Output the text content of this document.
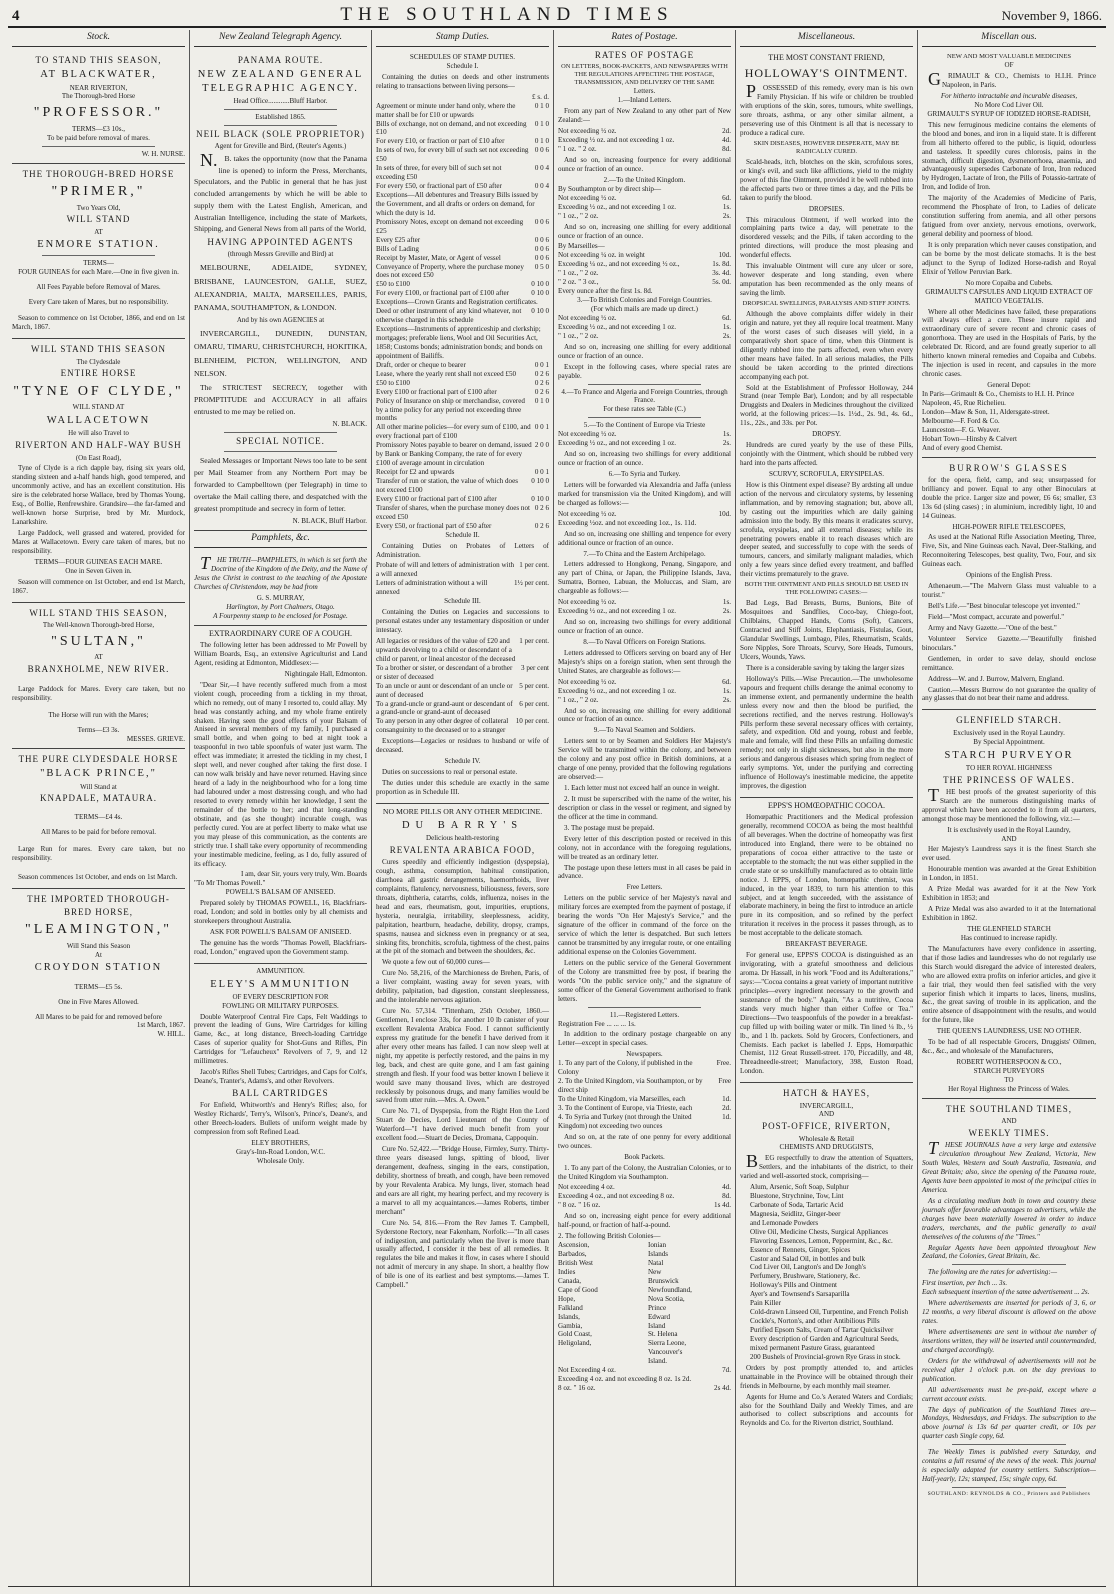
4	THE SOUTHLAND TIMES	November 9, 1866.
Stock.
TO STAND THIS SEASON,
AT BLACKWATER,
NEAR RIVERTON,
The Thorough-bred Horse
"PROFESSOR."
TERMS—£3 10s.,
To be paid before removal of mares.
W. H. NURSE.
THE THOROUGH-BRED HORSE
"PRIMER,"
Two Years Old,
WILL STAND
AT
ENMORE STATION.
TERMS—
FOUR GUINEAS for each Mare.—One in five given in.
All Fees Payable before Removal of Mares.
Every Care taken of Mares, but no responsibility.
Season to commence on 1st October, 1866, and end on 1st March, 1867.
WILL STAND THIS SEASON
The Clydesdale
ENTIRE HORSE
"TYNE OF CLYDE,"
WILL STAND AT
WALLACETOWN
He will also Travel to
RIVERTON AND HALF-WAY BUSH
(On East Road),
Tyne of Clyde is a rich dapple bay, rising six years old, standing sixteen and a-half hands high, good tempered, and uncommonly active, and has an excellent constitution. His sire is the celebrated horse Wallace, bred by Thomas Young, Esq., of Bollie, Renfrewshire. Grandsire—the far-famed and well-known horse Surprise, bred by Mr. Murdock, Lanarkshire.
Large Paddock, well grassed and watered, provided for Mares at Wallacetown. Every care taken of mares, but no responsibility.
TERMS—FOUR GUINEAS EACH MARE.
One in Seven Given in.
Season will commence on 1st October, and end 1st March, 1867.
WILL STAND THIS SEASON,
The Well-known Thorough-bred Horse,
"SULTAN,"
AT
BRANXHOLME, NEW RIVER.
Large Paddock for Mares. Every care taken, but no responsibility.
The Horse will run with the Mares;
Terms—£3 3s.
MESSES. GRIEVE.
THE PURE CLYDESDALE HORSE
"BLACK PRINCE,"
Will Stand at
KNAPDALE, MATAURA.
TERMS—£4 4s.
All Mares to be paid for before removal.
Large Run for mares. Every care taken, but no responsibility.
Season commences 1st October, and ends on 1st March.
THE IMPORTED THOROUGH-
BRED HORSE,
"LEAMINGTON,"
Will Stand this Season
At
CROYDON STATION
TERMS—£5 5s.
One in Five Mares Allowed.
All Mares to be paid for and removed before
1st March, 1867.
W. HILL.
New Zealand Telegraph Agency.
PANAMA ROUTE.
NEW ZEALAND GENERAL TELEGRAPHIC AGENCY.
Head Office............Bluff Harbor.
Established 1865.
NEIL BLACK (SOLE PROPRIETOR)
Agent for Greville and Bird, (Reuter's Agents.)
N.B. takes the opportunity (now that the Panama line is opened) to inform the Press, Merchants, Speculators, and the Public in general that he has just concluded arrangements by which he will be able to supply them with the Latest English, American, and Australian Intelligence, including the state of Markets, Shipping, and General News from all parts of the World,
HAVING APPOINTED AGENTS
(through Messrs Greville and Bird) at
MELBOURNE, ADELAIDE, SYDNEY, BRISBANE, LAUNCESTON, GALLE, SUEZ, ALEXANDRIA, MALTA, MARSEILLES, PARIS, PANAMA, SOUTHAMPTON, & LONDON.
And by his own AGENCIES at
INVERCARGILL, DUNEDIN, DUNSTAN, OMARU, TIMARU, CHRISTCHURCH, HOKITIKA, BLENHEIM, PICTON, WELLINGTON, AND NELSON.
The STRICTEST SECRECY, together with PROMPTITUDE and ACCURACY in all affairs entrusted to me may be relied on.
N. BLACK.
SPECIAL NOTICE.
Sealed Messages or Important News too late to be sent per Mail Steamer from any Northern Port may be forwarded to Campbelltown (per Telegraph) in time to overtake the Mail calling there, and despatched with the greatest promptitude and secrecy in form of letter.
N. BLACK, Bluff Harbor.
Pamphlets, &c.
THE TRUTH—PAMPHLETS, in which is set forth the Doctrine of the Kingdom of the Deity, and the Name of Jesus the Christ in contrast to the teaching of the Apostate Churches of Christendom, may be had from
G. S. MURRAY,
Harlington, by Port Chalmers, Otago.
A Fourpenny stamp to be enclosed for Postage.
EXTRAORDINARY CURE OF A COUGH.
The following letter has been addressed to Mr Powell by William Boards, Esq., an extensive Agriculturist and Land Agent, residing at Edmonton, Middlesex:—
Nightingale Hall, Edmonton.
"Dear Sir,—I have recently suffered much from a most violent cough, proceeding from a tickling in my throat, which no remedy, out of many I resorted to, could allay. My head was constantly aching, and my whole frame entirely shaken. Having seen the good effects of your Balsam of Aniseed in several members of my family, I purchased a small bottle, and when going to bed at night took a teaspoonful in two table spoonfuls of water just warm. The effect was immediate; it arrested the tickling in my chest, I slept well, and never coughed after taking the first dose. I can now walk briskly and have never returned. Having since heard of a lady in the neighbourhood who for a long time had laboured under a most distressing cough, and who had resorted to every remedy within her knowledge, I sent the remainder of the bottle to her; and that long-standing obstinate, and (as she thought) incurable cough, was perfectly cured. You are at perfect liberty to make what use you may please of this communication, as the contents are strictly true. I shall take every opportunity of recommending your inestimable medicine, feeling, as I do, fully assured of its efficacy.
I am, dear Sir, yours very truly, Wm. Boards
"To Mr Thomas Powell."
POWELL'S BALSAM OF ANISEED.
Prepared solely by THOMAS POWELL, 16, Blackfriars-road, London; and sold in bottles only by all chemists and storekeepers throughout Australia.
ASK FOR POWELL'S BALSAM OF ANISEED.
The genuine has the words "Thomas Powell, Blackfriars-road, London," engraved upon the Government stamp.
AMMUNITION.
ELEY'S AMMUNITION
OF EVERY DESCRIPTION FOR
FOWLING OR MILITARY PURPOSES.
Double Waterproof Central Fire Caps, Felt Waddings to prevent the leading of Guns, Wire Cartridges for killing Game, &c., at long distance, Breech-loading Cartridge Cases of superior quality for Shot-Guns and Rifles, Pin Cartridges for "Lefaucheux" Revolvers of 7, 9, and 12 millimetres.
Jacob's Rifles Shell Tubes; Cartridges, and Caps for Colt's, Deane's, Tranter's, Adams's, and other Revolvers.
BALL CARTRIDGES
For Enfield, Whitworth's and Henry's Rifles; also, for Westley Richards', Terry's, Wilson's, Prince's, Deane's, and other Breech-loaders. Bullets of uniform weight made by compression from soft Refined Lead.
ELEY BROTHERS,
Gray's-Inn-Road London, W.C.
Wholesale Only.
Stamp Duties.
SCHEDULES OF STAMP DUTIES.
Schedule I.
Containing the duties on deeds and other instruments relating to transactions between living persons—
£ s. d.
Agreement or minute under hand only, where the matter shall be for £10 or upwards
0 1 0
Bills of exchange, not on demand, and not exceeding £10
0 1 0
For every £10, or fraction or part of £10 after	0 1 0
In sets of two, for every bill of such set not exceeding £50
0 0 6
In sets of three, for every bill of such set not exceeding £50
0 0 4
For every £50, or fractional part of £50 after	0 0 4
Exceptions—All debentures and Treasury Bills issued by the Government, and all drafts or orders on demand, for which the duty is 1d.
Promissory Notes, except on demand not exceeding £25
0 0 6
Every £25 after	0 0 6
Bills of Lading	0 0 6
Receipt by Master, Mate, or Agent of vessel	0 0 6
Conveyance of Property, where the purchase money does not exceed £50
0 5 0
£50 to £100	0 10 0
For every £100, or fractional part of £100 after	0 10 0
Exceptions—Crown Grants and Registration certificates.
Deed or other instrument of any kind whatever, not otherwise charged in this schedule
0 10 0
Exceptions—Instruments of apprenticeship and clerkship; mortgages; preferable liens, Wool and Oil Securities Act, 1858; Customs bonds; administration bonds; and bonds on appointment of Bailiffs.
Draft, order or cheque to bearer	0 0 1
Lease, where the yearly rent shall not exceed £50	0 2 6
£50 to £100	0 2 6
Every £100 or fractional part of £100 after	0 2 6
Policy of Insurance on ship or merchandise, covered by a time policy for any period not exceeding three months
0 1 0
All other marine policies—for every sum of £100, and every fractional part of £100
0 0 1
Promissory Notes payable to bearer on demand, issued by Bank or Banking Company, the rate of for every £100 of average amount in circulation
2 0 0
Receipt for £2 and upwards	0 0 1
Transfer of run or station, the value of which does not exceed £100
0 10 0
Every £100 or fractional part of £100 after	0 10 0
Transfer of shares, when the purchase money does not exceed £50
0 2 6
Every £50, or fractional part of £50 after	0 2 6
Schedule II.
Containing Duties on Probates of Letters of Administration.
Probate of will and letters of administration with a will annexed
1 per cent.
Letters of administration without a will annexed
1½ per cent.
Schedule III.
Containing the Duties on Legacies and successions to personal estates under any testamentary disposition or under intestacy.
All legacies or residues of the value of £20 and upwards devolving to a child or descendant of a child or parent, or lineal ancestor of the deceased
1 per cent.
To a brother or sister, or descendant of a brother or sister of deceased
3 per cent
To an uncle or aunt or descendant of an uncle or aunt of deceased
5 per cent.
To a grand-uncle or grand-aunt or descendant of a grand-uncle or grand-aunt of deceased
6 per cent.
To any person in any other degree of collateral consanguinity to the deceased or to a stranger
10 per cent.
Exceptions—Legacies or residues to husband or wife of deceased.
Schedule IV.
Duties on successions to real or personal estate.
The duties under this schedule are exactly in the same proportion as in Schedule III.
NO MORE PILLS OR ANY OTHER MEDICINE.
DU BARRY'S
Delicious health-restoring
REVALENTA ARABICA FOOD,
Cures speedily and efficiently indigestion (dyspepsia), cough, asthma, consumption, habitual constipation, diarrhoea all gastric derangements, haemorrhoids, liver complaints, flatulency, nervousness, biliousness, fevers, sore throats, diphtheria, catarrhs, colds, influenza, noises in the head and ears, rheumatism, gout, impurities, eruptions, hysteria, neuralgia, irritability, sleeplessness, acidity, palpitation, heartburn, headache, debility, dropsy, cramps, spasms, nausea and sickness even in pregnancy or at sea, sinking fits, bronchitis, scrofula, tightness of the chest, pains at the pit of the stomach and between the shoulders, &c.
We quote a few out of 60,000 cures—
Cure No. 58,216, of the Marchioness de Brehen, Paris, of a liver complaint, wasting away for seven years, with debility, palpitation, bad digestion, constant sleeplessness, and the intolerable nervous agitation.
Cure No. 57,314. "Tittenham, 25th October, 1860.—Gentlemen, I enclose 33s, for another 10 lb canister of your excellent Revalenta Arabica Food. I cannot sufficiently express my gratitude for the benefit I have derived from it after every other means has failed. I can now sleep well at night, my appetite is perfectly restored, and the pains in my leg, back, and chest are quite gone, and I am fast gaining strength and flesh. If your food was better known I believe it would save many thousand lives, which are destroyed recklessly by poisonous drugs, and many families would be saved from utter ruin.—Mrs. A. Owen."
Cure No. 71, of Dyspepsia, from the Right Hon the Lord Stuart de Decies, Lord Lieutenant of the County of Waterford—"I have derived much benefit from your excellent food.—Stuart de Decies, Dromana, Cappoquin.
Cure No. 52,422.—"Bridge House, Firmley, Surry. Thirty-three years diseased lungs, spitting of blood, liver derangement, deafness, singing in the ears, constipation, debility, shortness of breath, and cough, have been removed by your Revalenta Arabica. My lungs, liver, stomach head and ears are all right, my hearing perfect, and my recovery is a marvel to all my acquaintances.—James Roberts, timber merchant"
Cure No. 54, 816.—From the Rev James T. Campbell, Syderstone Rectory, near Fakenham, Norfolk:—"In all cases of indigestion, and particularly when the liver is more than usually affected, I consider it the best of all remedies. It regulates the bile and makes it flow, in cases where I should not admit of mercury in any shape. In short, a healthy flow of bile is one of its earliest and best symptoms.—James T. Campbell."
Rates of Postage.
RATES OF POSTAGE
ON LETTERS, BOOK-PACKETS, AND NEWSPAPERS WITH THE REGULATIONS AFFECTING THE POSTAGE, TRANSMISSION, AND DELIVERY OF THE SAME
Letters.
1.—Inland Letters.
From any part of New Zealand to any other part of New Zealand:—
Not exceeding ½ oz.	2d.
Exceeding ½ oz. and not exceeding 1 oz.	4d.
" 1 oz. " 2 oz.	8d.
And so on, increasing fourpence for every additional ounce or fraction of an ounce.
2.—To the United Kingdom.
By Southampton or by direct ship—
Not exceeding ½ oz.	6d.
Exceeding ½ oz., and not exceeding 1 oz.	1s.
" 1 oz., " 2 oz.	2s.
And so on, increasing one shilling for every additional ounce or fraction of an ounce.
By Marseilles—
Not exceeding ¼ oz. in weight	10d.
Exceeding ¼ oz., and not exceeding ½ oz.,	1s. 8d.
" 1 oz., " 2 oz.	3s. 4d.
" 2 oz. " 3 oz.,	5s. 0d.
Every ounce after the first 1s. 8d.
3.—To British Colonies and Foreign Countries.
(For which mails are made up direct.)
Not exceeding ½ oz.	6d.
Exceeding ½ oz., and not exceeding 1 oz.	1s.
" 1 oz., " 2 oz.	2s.
And so on, increasing one shilling for every additional ounce or fraction of an ounce.
Except in the following cases, where special rates are payable.
4.—To France and Algeria and Foreign Countries, through France.
For these rates see Table (C.)
5.—To the Continent of Europe via Trieste
Not exceeding ½ oz.	1s.
Exceeding ½ oz., and not exceeding 1 oz.	2s.
And so on, increasing two shillings for every additional ounce or fraction of an ounce.
6.—To Syria and Turkey.
Letters will be forwarded via Alexandria and Jaffa (unless marked for transmission via the United Kingdom), and will be charged as follows:—
Not exceeding ½ oz.	10d.
Exceeding ½oz. and not exceeding 1oz., 1s. 11d.
And so on, increasing one shilling and tenpence for every additional ounce or fraction of an ounce.
7.—To China and the Eastern Archipelago.
Letters addressed to Hongkong, Penang, Singapore, and any part of China, or Japan, the Philippine Islands, Java, Sumatra, Borneo, Labuan, the Moluccas, and Siam, are chargeable as follows:—
Not exceeding ½ oz.	1s.
Exceeding ½ oz., and not exceeding 1 oz.	2s.
And so on, increasing two shillings for every additional ounce or fraction of an ounce.
8.—To Naval Officers on Foreign Stations.
Letters addressed to Officers serving on board any of Her Majesty's ships on a foreign station, when sent through the United States, are chargeable as follows:—
Not exceeding ½ oz.	6d.
Exceeding ½ oz., and not exceeding 1 oz.	1s.
" 1 oz., " 2 oz.	2s.
And so on, increasing one shilling for every additional ounce or fraction of an ounce.
9.—To Naval Seamen and Soldiers.
Letters sent to or by Seamen and Soldiers Her Majesty's Service will be transmitted within the colony, and between the colony and any post office in British dominions, at a charge of one penny, provided that the following regulations are observed:—
1. Each letter must not exceed half an ounce in weight.
2. It must be superscribed with the name of the writer, his description or class in the vessel or regiment, and signed by the officer at the time in command.
3. The postage must be prepaid.
Every letter of this description posted or received in this colony, not in accordance with the foregoing regulations, will be treated as an ordinary letter.
The postage upon these letters must in all cases be paid in advance.
Free Letters.
Letters on the public service of her Majesty's naval and military forces are exempted from the payment of postage, if bearing the words "On Her Majesty's Service," and the signature of the officer in command of the force on the service of which the letter is despatched. But such letters cannot be transmitted by any irregular route, or one entailing additional expense on the Colonies Government.
Letters on the public service of the General Government of the Colony are transmitted free by post, if bearing the words "On the public service only," and the signature of some officer of the General Government authorised to frank letters.
11.—Registered Letters.
Registration Fee ... ... ... 1s.
In addition to the ordinary postage chargeable on any Letter—except in special cases.
Newspapers.
1. To any part of the Colony, if published in the Colony
Free.
2. To the United Kingdom, via Southampton, or by direct ship
Free
To the United Kingdom, via Marseilles, each	1d.
3. To the Continent of Europe, via Trieste, each	2d.
4. To Syria and Turkey (not through the United Kingdom) not exceeding two ounces
1d.
And so on, at the rate of one penny for every additional two ounces.
Book Packets.
1. To any part of the Colony, the Australian Colonies, or to the United Kingdom via Southampton.
Not exceeding 4 oz.	4d.
Exceeding 4 oz., and not exceeding 8 oz.	8d.
" 8 oz. " 16 oz.	1s 4d.
And so on, increasing eight pence for every additional half-pound, or fraction of half-a-pound.
2. The following British Colonies—
Ascension,
Barbados,
British West Indies
Canada,
Cape of Good Hope,
Falkland Islands,
Gambia,
Gold Coast,
Heligoland,
Ionian Islands
Natal
New Brunswick
Newfoundland,
Nova Scotia,
Prince Edward Island
St. Helena
Sierra Leone,
Vancouver's Island.
Not Exceeding 4 oz.	7d.
Exceeding 4 oz. and not exceeding 8 oz. 1s 2d.
8 oz. " 16 oz.	2s 4d.
Miscellaneous.
THE MOST CONSTANT FRIEND,
HOLLOWAY'S OINTMENT.
POSSESSED of this remedy, every man is his own Family Physician. If his wife or children be troubled with eruptions of the skin, sores, tumours, white swellings, sore throats, asthma, or any other similar ailment, a persevering use of this Ointment is all that is necessary to produce a radical cure.
SKIN DISEASES, HOWEVER DESPERATE, MAY BE RADICALLY CURED.
Scald-heads, itch, blotches on the skin, scrofulous sores, or king's evil, and such like afflictions, yield to the mighty power of this fine Ointment, provided it be well rubbed into the affected parts two or three times a day, and the Pills be taken to purify the blood.
DROPSIES.
This miraculous Ointment, if well worked into the complaining parts twice a day, will penetrate to the disordered vessels; and the Pills, if taken according to the printed directions, will produce the most pleasing and wonderful effects.
This invaluable Ointment will cure any ulcer or sore, however desperate and long standing, even where amputation has been recommended as the only means of saving the limb.
DROPSICAL SWELLINGS, PARALYSIS AND STIFF JOINTS.
Although the above complaints differ widely in their origin and nature, yet they all require local treatment. Many of the worst cases of such diseases will yield, in a comparatively short space of time, when this Ointment is diligently rubbed into the parts affected, even when every other means have failed. In all serious maladies, the Pills should be taken according to the printed directions accompanying each pot.
Sold at the Establishment of Professor Holloway, 244 Strand (near Temple Bar), London; and by all respectable Druggists and Dealers in Medicines throughout the civilized world, at the following prices:—1s. 1½d., 2s. 9d., 4s. 6d., 11s., 22s., and 33s. per Pot.
DROPSY.
Hundreds are cured yearly by the use of these Pills, conjointly with the Ointment, which should be rubbed very hard into the parts affected.
SCURVY, SCROFULA, ERYSIPELAS.
How is this Ointment expel disease? By ardsting all undue action of the nervous and circulatory systems, by lessening inflammation, and by removing stagnation; but, above all, by casting out the impurities which are daily gaining admission into the body. By this means it eradicates scurvy, scrofula, erysipelas, and all external diseases; while its penetrating powers enable it to reach diseases which are deeper seated, and successfully to cope with the seeds of tumours, cancers, and similarly malignant maladies, which only a few years since defied every treatment, and baffled their victims prematurely to the grave.
BOTH THE OINTMENT AND PILLS SHOULD BE USED IN THE FOLLOWING CASES:—
Bad Legs, Bad Breasts, Burns, Bunions, Bite of Mosquitoes and Sandflies, Coco-bay, Chiego-foot, Chilblains, Chapped Hands, Corns (Soft), Cancers, Contracted and Stiff Joints, Elephantiasis, Fistulas, Gout, Glandular Swellings, Lumbago, Piles, Rheumatism, Scalds, Sore Nipples, Sore Throats, Scurvy, Sore Heads, Tumours, Ulcers, Wounds, Yaws.
There is a considerable saving by taking the larger sizes
Holloway's Pills.—Wise Precaution.—The unwholesome vapours and frequent chills derange the animal economy to an immense extent, and permanently undermine the health unless every now and then the blood be purified, the secretions rectified, and the nerves restrung. Holloway's Pills perform these several necessary offices with certainty, safety, and expedition. Old and young, robust and feeble, male and female, will find these Pills an unfailing domestic remedy; not only in slight sicknesses, but also in the more serious and dangerous diseases which spring from neglect of early symptoms. Yet, under the purifying and correcting influence of Holloway's inestimable medicine, the appetite improves, the digestion
EPPS'S HOMŒOPATHIC COCOA.
Homœpathic Practitioners and the Medical profession generally, recommend COCOA as being the most healthful of all beverages. When the doctrine of homeopathy was first introduced into England, there were to be obtained no preparations of cocoa either attractive to the taste or acceptable to the stomach; the nut was either supplied in the crude state or so unskilfully manufactured as to obtain little notice. J. EPPS, of London, homœpathic chemist, was induced, in the year 1839, to turn his attention to this subject, and at length succeeded, with the assistance of elaborate machinery, in being the first to introduce an article pure in its composition, and so refined by the perfect trituration it receives in the process it passes through, as to be most acceptable to the delicate stomach.
BREAKFAST BEVERAGE.
For general use, EPPS'S COCOA is distinguished as an invigorating, with a grateful smoothness and delicious aroma. Dr Hassall, in his work "Food and its Adulterations," says:—"Cocoa contains a great variety of important nutritive principles—every ingredient necessary to the growth and sustenance of the body." Again, "As a nutritive, Cocoa stands very much higher than either Coffee or Tea." Directions—Two teaspoonfuls of the powder in a breakfast-cup filled up with boiling water or milk. Tin lined ¼ lb., ½ lb., and 1 lb. packets. Sold by Grocers, Confectioners, and Chemists. Each packet is labelled J. Epps, Homœpathic Chemist, 112 Great Russell-street. 170, Piccadilly, and 48, Threadneedle-street; Manufactory, 398, Euston Road, London.
HATCH & HAYES,
INVERCARGILL,
AND
POST-OFFICE, RIVERTON,
Wholesale & Retail
CHEMISTS AND DRUGGISTS,
BEG respectfully to draw the attention of Squatters, Settlers, and the inhabitants of the district, to their varied and well-assorted stock, comprising—
Alum, Arsenic, Soft Soap, Sulphur
Bluestone, Strychnine, Tow, Lint
Carbonate of Soda, Tartaric Acid
Magnesia, Seidlitz, Ginger-beer
and Lemonade Powders
Olive Oil, Medicine Chests, Surgical Appliances
Flavoring Essences, Lemon, Peppermint, &c., &c.
Essence of Rennets, Ginger, Spices
Castor and Salad Oil, in bottles and bulk
Cod Liver Oil, Langton's and De Jongh's
Perfumery, Brushware, Stationery, &c.
Holloway's Pills and Ointment
Ayer's and Townsend's Sarsaparilla
Pain Killer
Cold-drawn Linseed Oil, Turpentine, and French Polish
Cockle's, Norton's, and other Antibilious Pills
Purified Epsom Salts, Cream of Tartar Quicksilver
Every description of Garden and Agricultural Seeds, mixed permanent Pasture Grass, guaranteed
200 Bushels of Provincial-grown Rye Grass in stock.
Orders by post promptly attended to, and articles unattainable in the Province will be obtained through their friends in Melbourne, by each monthly mail steamer.
Agents for Hume and Co.'s Aerated Waters and Cordials; also for the Southland Daily and Weekly Times, and are authorised to collect subscriptions and accounts for Reynolds and Co. for the Riverton district, Southland.
Miscellan ous.
NEW AND MOST VALUABLE MEDICINES
OF
GRIMAULT & CO., Chemists to H.I.H. Prince Napoleon, in Paris.
For hitherto intractable and incurable diseases,
No More Cod Liver Oil.
GRIMAULT'S SYRUP OF IODIZED HORSE-RADISH,
This new ferruginous medicine contains the elements of the blood and bones, and iron in a liquid state. It is different from all hitherto offered to the public, is liquid, odourless and tasteless. It speedily cures chlorosis, pains in the stomach, difficult digestion, dysmenorrhoea, anaemia, and advantageously supersedes Carbonate of Iron, Iron reduced by Hydrogen, Lactate of Iron, the Pills of Potassio-tartrate of Iron, and Iodide of Iron.
The majority of the Academies of Medicine of Paris, recommend the Phosphate of Iron, to Ladies of delicate constitution suffering from anemia, and all other persons fatigued from over anxiety, nervous emotions, overwork, general debility and poorness of blood.
It is only preparation which never causes constipation, and can be borne by the most delicate stomachs. It is the best adjunct to the Syrup of Iodized Horse-radish and Royal Elixir of Yellow Peruvian Bark.
No more Copaiba and Cubebs.
GRIMAULT'S CAPSULES AND LIQUID EXTRACT OF MATICO VEGETALIS.
Where all other Medicines have failed, these preparations will always effect a cure. These insure rapid and extraordinary cure of severe recent and chronic cases of gonorrhoea. They are used in the Hospitals of Paris, by the celebrated Dr. Ricord, and are found greatly superior to all hitherto known mineral remedies and Copaiba and Cubebs. The injection is used in recent, and capsules in the more chronic cases.
General Depot:
In Paris—Grimault & Co., Chemists to H.I. H. Prince Napoleon, 45, Rue Richelieu.
London—Maw & Son, 11, Aldersgate-street.
Melbourne—F. Ford & Co.
Launceston—F. G. Weaver.
Hobart Town—Hinsby & Calvert
And of every good Chemist.
BURROW'S GLASSES
for the opera, field, camp, and sea; unsurpassed for brilliancy and power. Equal to any other Binoculars at double the price. Larger size and power, £6 6s; smaller, £3 13s 6d (sling cases) ; in aluminium, incredibly light, 10 and 14 Guineas.
HIGH-POWER RIFLE TELESCOPES,
As used at the National Rifle Association Meeting, Three, Five, Six, and Nine Guineas each. Naval, Deer-Stalking, and Reconnoitering Telescopes, best quality, Two, Four, and six Guineas each.
Opinions of the English Press.
Athenaeum.—"The Malvern Glass must valuable to a tourist."
Bell's Life.—"Best binocular telescope yet invented."
Field—"Most compact, accurate and powerful."
Army and Navy Gazette.—"One of the best."
Volunteer Service Gazette.—"Beautifully finished binoculars."
Gentlemen, in order to save delay, should enclose remittance.
Address—W. and J. Burrow, Malvern, England.
Caution.—Messrs Burrow do not guarantee the quality of any glasses that do not bear their name and address.
GLENFIELD STARCH.
Exclusively used in the Royal Laundry.
By Special Appointment.
STARCH PURVEYOR
TO HER ROYAL HIGHNESS
THE PRINCESS OF WALES.
THE best proofs of the greatest superiority of this Starch are the numerous distinguishing marks of approval which have been accorded to it from all quarters, amongst those may be mentioned the following, viz.:—
It is exclusively used in the Royal Laundry,
AND
Her Majesty's Laundress says it is the finest Starch she ever used.
Honourable mention was awarded at the Great Exhibition in London, in 1851.
A Prize Medal was awarded for it at the New York Exhibition in 1853; and
A Prize Medal was also awarded to it at the International Exhibition in 1862.
THE GLENFIELD STARCH
Has continued to increase rapidly.
The Manufacturers have every confidence in asserting, that if those ladies and laundresses who do not regularly use this Starch would disregard the advice of interested dealers, who are allowed extra profits on inferior articles, and give it a fair trial, they would then feel satisfied with the very superior finish which it imparts to laces, linens, muslins, &c., the great saving of trouble in its application, and the entire absence of disappointment with the results, and would for the future, like
THE QUEEN'S LAUNDRESS, USE NO OTHER.
To be had of all respectable Grocers, Druggists' Oilmen, &c., &c., and wholesale of the Manufacturers,
ROBERT WOTHERSPOON & CO.,
STARCH PURVEYORS
TO
Her Royal Highness the Princess of Wales.
THE SOUTHLAND TIMES,
AND
WEEKLY TIMES.
THESE JOURNALS have a very large and extensive circulation throughout New Zealand, Victoria, New South Wales, Western and South Australia, Tasmania, and Great Britain; also, since the opening of the Panama route, Agents have been appointed in most of the principal cities in America.
As a circulating medium both in town and country these journals offer favorable advantages to advertisers, while the charges have been materially lowered in order to induce traders, merchants, and the public generally to avail themselves of the columns of the "Times."
Regular Agents have been appointed throughout New Zealand, the Colonies, Great Britain, &c.
The following are the rates for advertising:—
First insertion, per Inch ... 3s.
Each subsequent insertion of the same advertisement ... 2s.
Where advertisements are inserted for periods of 3, 6, or 12 months, a very liberal discount is allowed on the above rates.
Where advertisements are sent in without the number of insertions written, they will be inserted until countermanded, and charged accordingly.
Orders for the withdrawal of advertisements will not be received after 1 o'clock p.m. on the day previous to publication.
All advertisements must be pre-paid, except where a current account exists.
The days of publication of the Southland Times are—Mondays, Wednesdays, and Fridays. The subscription to the above journal is 13s 6d per quarter credit, or 10s per quarter cash Single copy, 6d.
The Weekly Times is published every Saturday, and contains a full resumé of the news of the week. This journal is especially adapted for country settlers. Subscription—Half-yearly, 12s; stamped, 15s; single copy, 6d.
SOUTHLAND: REYNOLDS & CO., Printers and Publishers
